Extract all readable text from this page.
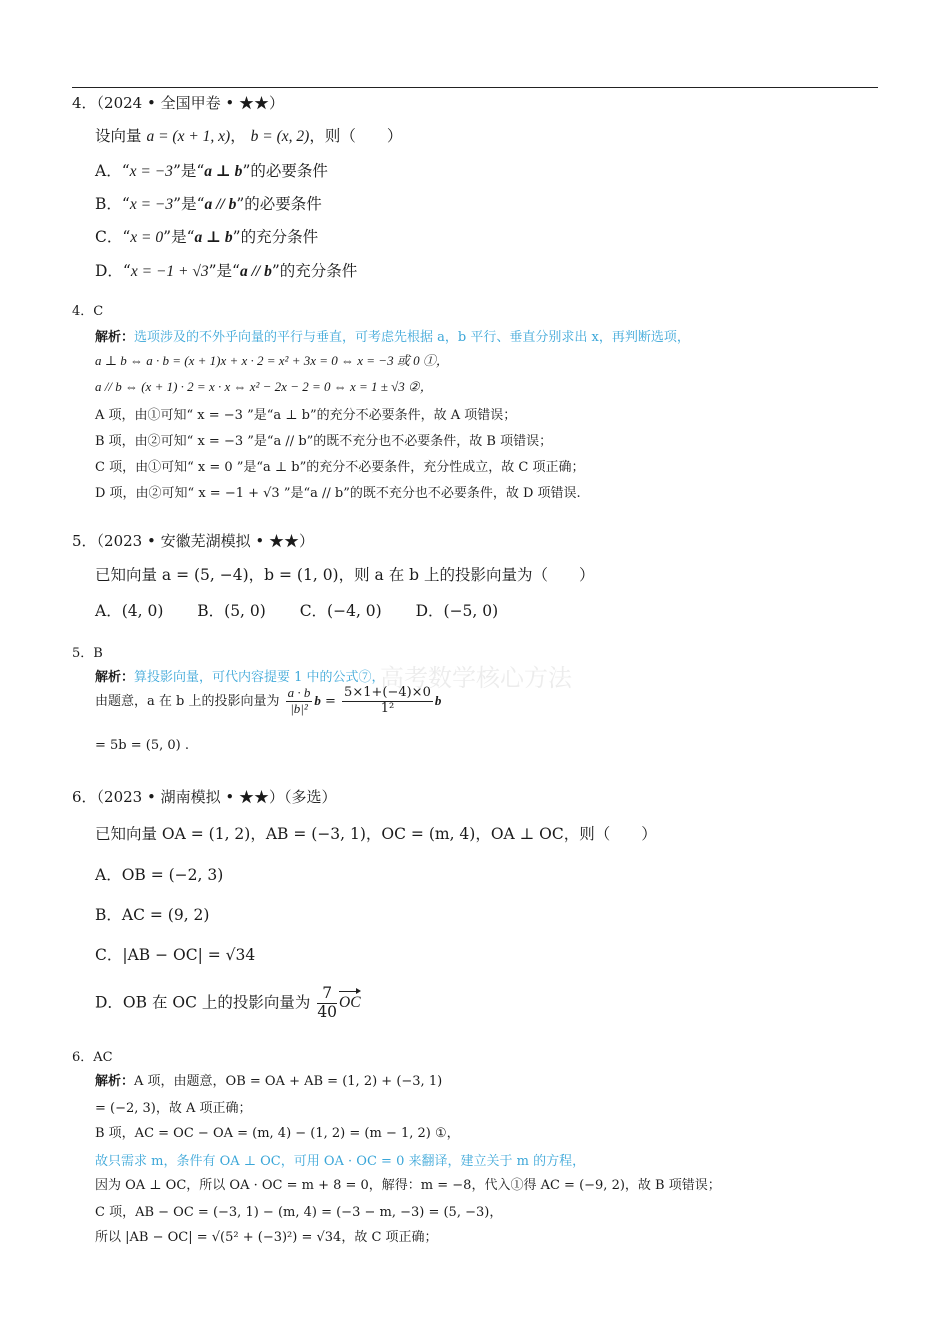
4．（2024 • 全国甲卷 • ★★）
设向量 a = (x + 1, x)， b = (x, 2)，则（　　）
A．“x = −3”是“a ⊥ b”的必要条件
B．“x = −3”是“a // b”的必要条件
C．“x = 0”是“a ⊥ b”的充分条件
D．“x = −1 + √3”是“a // b”的充分条件
4．C
解析：选项涉及的不外乎向量的平行与垂直，可考虑先根据 a，b 平行、垂直分别求出 x，再判断选项，
a ⊥ b ⇔ a · b = (x + 1)x + x · 2 = x² + 3x = 0 ⇔ x = −3 或 0 ①，
a // b ⇔ (x + 1) · 2 = x · x ⇔ x² − 2x − 2 = 0 ⇔ x = 1 ± √3 ②，
A 项，由①可知“ x = −3 ”是“a ⊥ b”的充分不必要条件，故 A 项错误；
B 项，由②可知“ x = −3 ”是“a // b”的既不充分也不必要条件，故 B 项错误；
C 项，由①可知“ x = 0 ”是“a ⊥ b”的充分不必要条件，充分性成立，故 C 项正确；
D 项，由②可知“ x = −1 + √3 ”是“a // b”的既不充分也不必要条件，故 D 项错误.
5．（2023 • 安徽芜湖模拟 • ★★）
已知向量 a = (5, −4)，b = (1, 0)，则 a 在 b 上的投影向量为（　　）
A．(4, 0) B．(5, 0) C．(−4, 0) D．(−5, 0)
5．B
解析：算投影向量，可代内容提要 1 中的公式⑦，
由题意，a 在 b 上的投影向量为 $\frac{a \cdot b}{\text{|b|²}}$ $b = \frac{5\times 1+(-4)\times 0}{\text{1²}}$ b
= 5b = (5, 0) .
高考数学核心方法
6．（2023 • 湖南模拟 • ★★）（多选）
已知向量 OA = (1, 2)，AB = (−3, 1)，OC = (m, 4)，OA ⊥ OC，则（　　）
A．OB = (−2, 3)
B．AC = (9, 2)
C．|AB − OC| = √34
D．OB 在 OC 上的投影向量为 $\frac{7}{40}$ OC
6．AC
解析：A 项，由题意，OB = OA + AB = (1, 2) + (−3, 1)
= (−2, 3)，故 A 项正确；
B 项，AC = OC − OA = (m, 4) − (1, 2) = (m − 1, 2) ①，
故只需求 m，条件有 OA ⊥ OC，可用 OA · OC = 0 来翻译，建立关于 m 的方程，
因为 OA ⊥ OC，所以 OA · OC = m + 8 = 0，解得：m = −8，代入①得 AC = (−9, 2)，故 B 项错误；
C 项，AB − OC = (−3, 1) − (m, 4) = (−3 − m, −3) = (5, −3)，
所以 |AB − OC| = √(5² + (−3)²) = √34，故 C 项正确；
